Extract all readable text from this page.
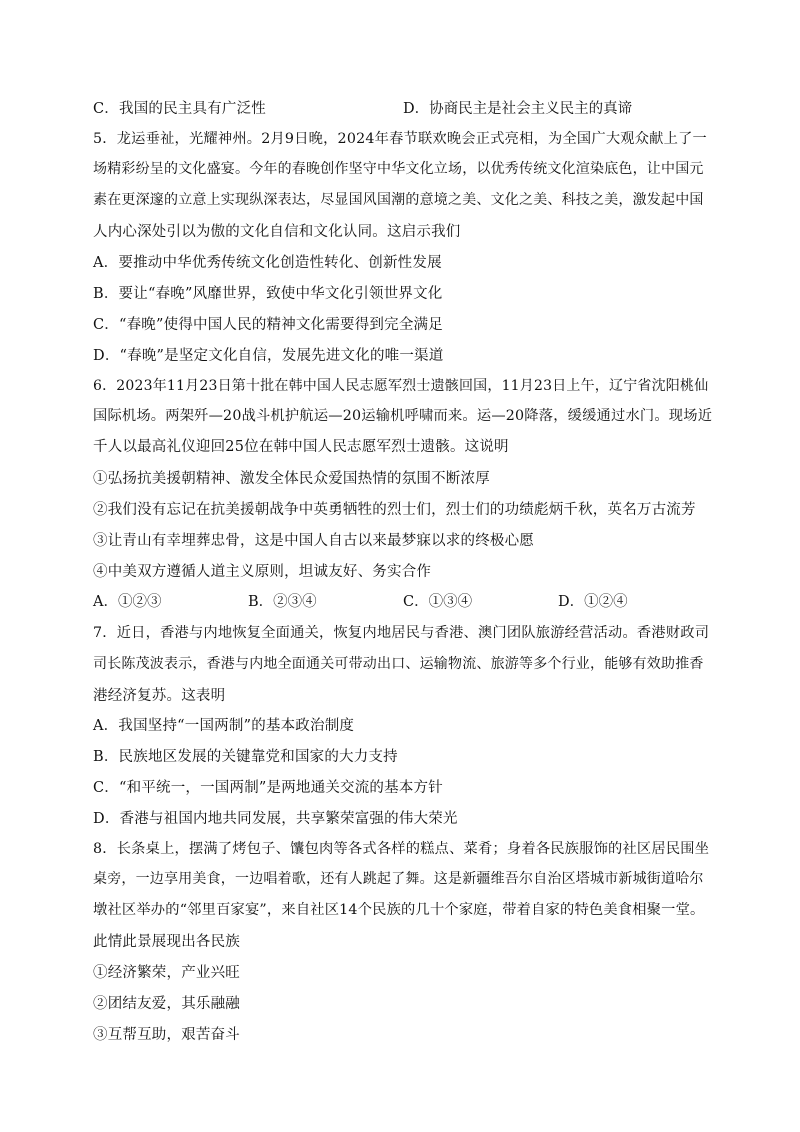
C．我国的民主具有广泛性	D．协商民主是社会主义民主的真谛
5．龙运垂祉，光耀神州。2月9日晚，2024年春节联欢晚会正式亮相，为全国广大观众献上了一
场精彩纷呈的文化盛宴。今年的春晚创作坚守中华文化立场，以优秀传统文化渲染底色，让中国元
素在更深邃的立意上实现纵深表达，尽显国风国潮的意境之美、文化之美、科技之美，激发起中国
人内心深处引以为傲的文化自信和文化认同。这启示我们
A．要推动中华优秀传统文化创造性转化、创新性发展
B．要让“春晚”风靡世界，致使中华文化引领世界文化
C．“春晚”使得中国人民的精神文化需要得到完全满足
D．“春晚”是坚定文化自信，发展先进文化的唯一渠道
6．2023年11月23日第十批在韩中国人民志愿军烈士遗骸回国，11月23日上午，辽宁省沈阳桃仙
国际机场。两架歼—20战斗机护航运—20运输机呼啸而来。运—20降落，缓缓通过水门。现场近
千人以最高礼仪迎回25位在韩中国人民志愿军烈士遗骸。这说明
①弘扬抗美援朝精神、激发全体民众爱国热情的氛围不断浓厚
②我们没有忘记在抗美援朝战争中英勇牺牲的烈士们，烈士们的功绩彪炳千秋，英名万古流芳
③让青山有幸埋葬忠骨，这是中国人自古以来最梦寐以求的终极心愿
④中美双方遵循人道主义原则，坦诚友好、务实合作
A．①②③	B．②③④	C．①③④	D．①②④
7．近日，香港与内地恢复全面通关，恢复内地居民与香港、澳门团队旅游经营活动。香港财政司
司长陈茂波表示，香港与内地全面通关可带动出口、运输物流、旅游等多个行业，能够有效助推香
港经济复苏。这表明
A．我国坚持“一国两制”的基本政治制度
B．民族地区发展的关键靠党和国家的大力支持
C．“和平统一，一国两制”是两地通关交流的基本方针
D．香港与祖国内地共同发展，共享繁荣富强的伟大荣光
8．长条桌上，摆满了烤包子、馕包肉等各式各样的糕点、菜肴；身着各民族服饰的社区居民围坐
桌旁，一边享用美食，一边唱着歌，还有人跳起了舞。这是新疆维吾尔自治区塔城市新城街道哈尔
墩社区举办的“邻里百家宴”，来自社区14个民族的几十个家庭，带着自家的特色美食相聚一堂。
此情此景展现出各民族
①经济繁荣，产业兴旺
②团结友爱，其乐融融
③互帮互助，艰苦奋斗
